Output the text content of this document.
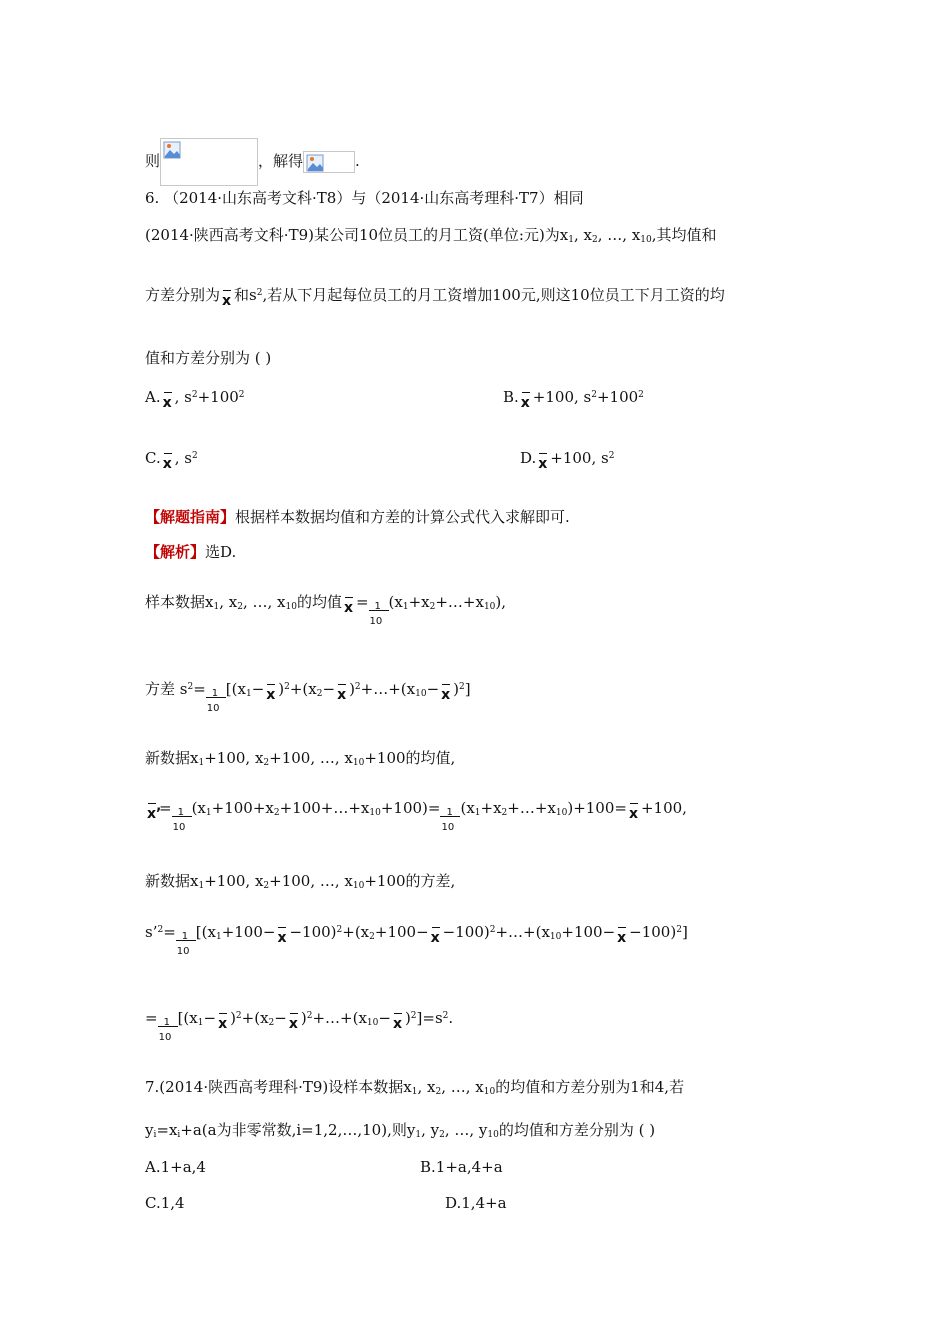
则	，解得	.
6. （2014·山东高考文科·T8）与（2014·山东高考理科·T7）相同
(2014·陕西高考文科·T9)某公司10位员工的月工资(单位:元)为$x_1$, $x_2$, …, $x_{10}$,其均值和
方差分别为 x 和$s^2$,若从下月起每位员工的月工资增加100元,则这10位员工下月工资的均
值和方差分别为 ( )
A. x , $s^2+100^2$	B. x +100, $s^2+100^2$
C. x , $s^2$	D. x +100, $s^2$
【解题指南】根据样本数据均值和方差的计算公式代入求解即可.
【解析】选D.
样本数据$x_1$, $x_2$, …, $x_{10}$的均值 $x = \frac{1}{10}$ $(x_1+x_2+\dots+x_{10})$,
方差 $s^2= \frac{1}{10} [(x_1- x$ )$^2+(x_2- x$ )$^2+\dots+(x_{10}- x$ )$^2$]
新数据$x_1+100$, $x_2+100$, …, $x_{10}+100$的均值,
x’= $\frac{1}{10}$ $(x_1+100+x_2+100+\dots+x_{10}+100)= \frac{1}{10}$ $(x_1+x_2+\dots+x_{10})+100= x +100$,
新数据$x_1+100$, $x_2+100$, …, $x_{10}+100$的方差,
s’$^2$= $\frac{1}{10} [(x_1+100- x -100)^2+(x_2+100- x$ $-100)^2+\dots+(x_{10}+100- x -100)^2$]
= $\frac{1}{10} [(x_1- x$ )$^2+(x_2- x$ )$^2+\dots+(x_{10}- x$ )$^2]=s^2$.
7.(2014·陕西高考理科·T9)设样本数据$x_1$, $x_2$, …, $x_{10}$的均值和方差分别为1和4,若
$y_i=x_i+a(a$为非零常数,i=1,2,…,10),则$y_1$, $y_2$, …, $y_{10}$的均值和方差分别为 ( )
A.1+a,4	B.1+a,4+a
C.1,4	D.1,4+a
